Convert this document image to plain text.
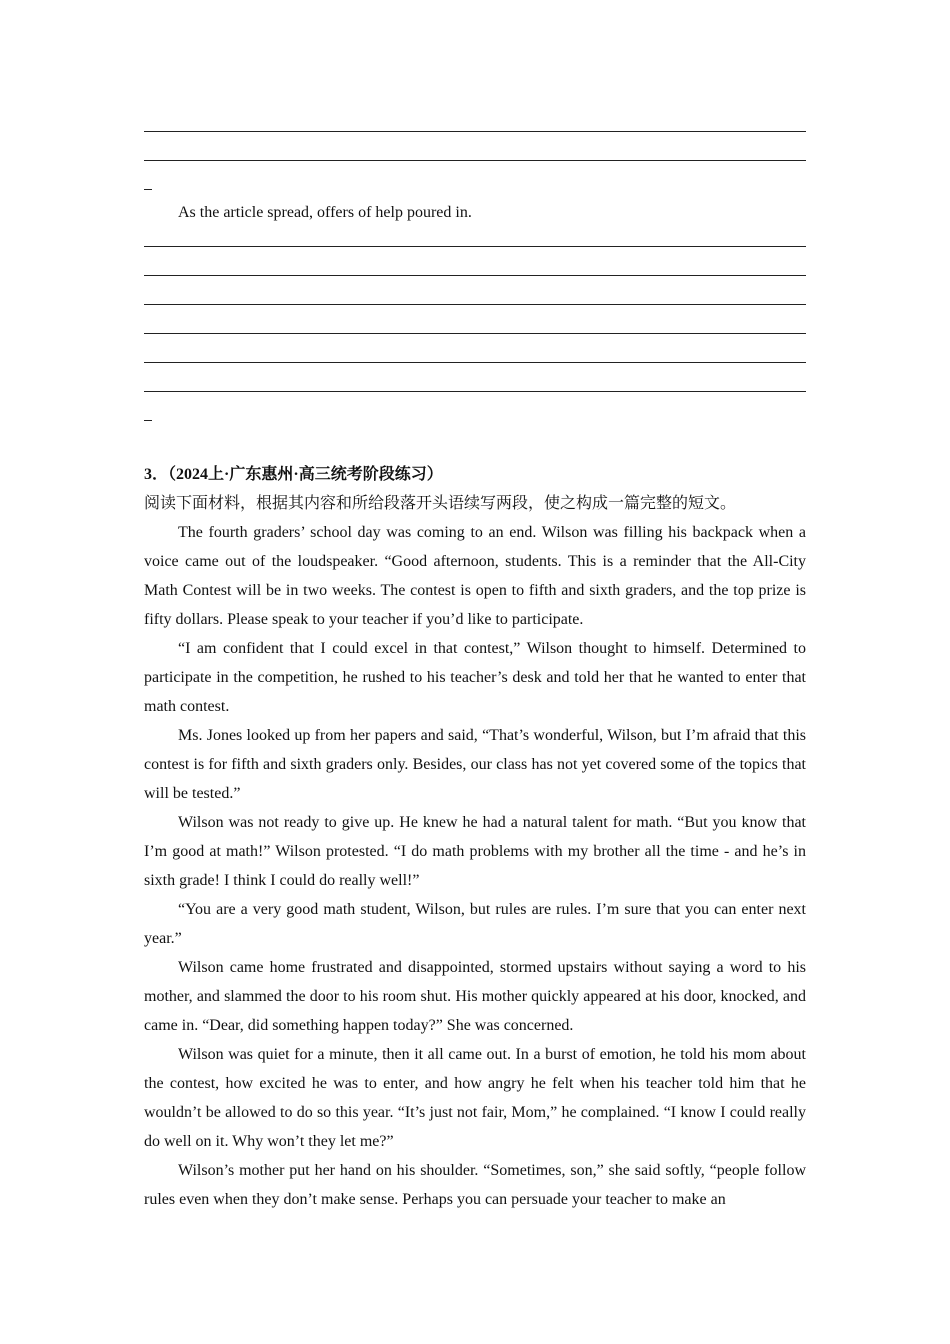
As the article spread, offers of help poured in.
3．（2024上·广东惠州·高三统考阶段练习）
阅读下面材料，根据其内容和所给段落开头语续写两段，使之构成一篇完整的短文。

The fourth graders’ school day was coming to an end. Wilson was filling his backpack when a voice came out of the loudspeaker. “Good afternoon, students. This is a reminder that the All-City Math Contest will be in two weeks. The contest is open to fifth and sixth graders, and the top prize is fifty dollars. Please speak to your teacher if you’d like to participate.

“I am confident that I could excel in that contest,” Wilson thought to himself. Determined to participate in the competition, he rushed to his teacher’s desk and told her that he wanted to enter that math contest.

Ms. Jones looked up from her papers and said, “That’s wonderful, Wilson, but I’m afraid that this contest is for fifth and sixth graders only. Besides, our class has not yet covered some of the topics that will be tested.”

Wilson was not ready to give up. He knew he had a natural talent for math. “But you know that I’m good at math!” Wilson protested. “I do math problems with my brother all the time - and he’s in sixth grade! I think I could do really well!”

“You are a very good math student, Wilson, but rules are rules. I’m sure that you can enter next year.”

Wilson came home frustrated and disappointed, stormed upstairs without saying a word to his mother, and slammed the door to his room shut. His mother quickly appeared at his door, knocked, and came in. “Dear, did something happen today?” She was concerned.

Wilson was quiet for a minute, then it all came out. In a burst of emotion, he told his mom about the contest, how excited he was to enter, and how angry he felt when his teacher told him that he wouldn’t be allowed to do so this year. “It’s just not fair, Mom,” he complained. “I know I could really do well on it. Why won’t they let me?”

Wilson’s mother put her hand on his shoulder. “Sometimes, son,” she said softly, “people follow rules even when they don’t make sense. Perhaps you can persuade your teacher to make an
